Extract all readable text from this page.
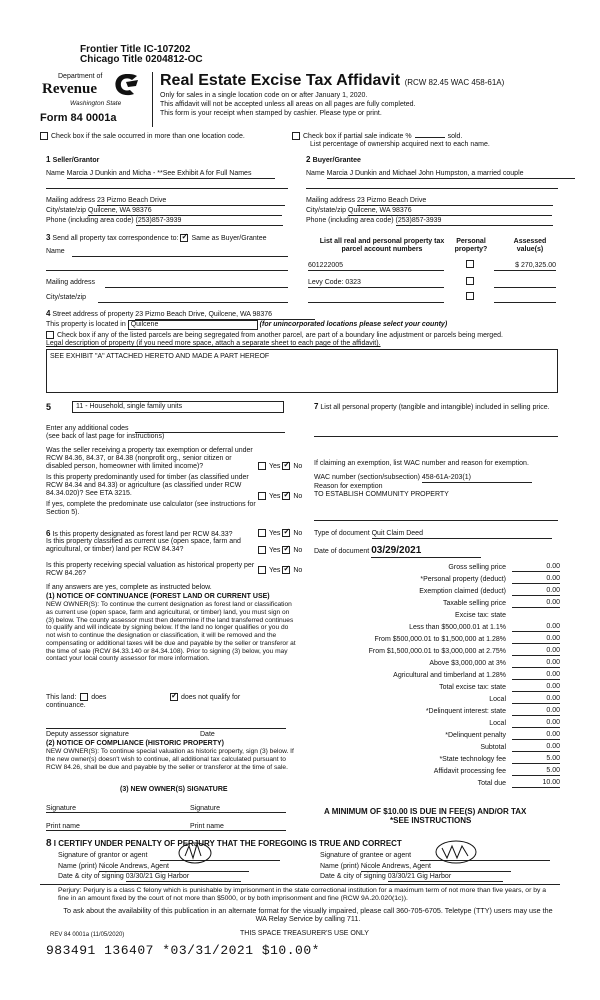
Frontier Title IC-107202
Chicago Title 0204812-OC
Department of
Revenue
Washington State
Form 84 0001a
Real Estate Excise Tax Affidavit (RCW 82.45 WAC 458-61A)
Only for sales in a single location code on or after January 1, 2020.
This affidavit will not be accepted unless all areas on all pages are fully completed.
This form is your receipt when stamped by cashier. Please type or print.
Check box if the sale occurred in more than one location code.	Check box if partial sale indicate %	sold.
List percentage of ownership acquired next to each name.
1 Seller/Grantor
Name Marcia J Dunkin and Micha - **See Exhibit A for Full Names
Mailing address 23 Pizmo Beach Drive
City/state/zip Quilcene, WA 98376
Phone (including area code) (253)857-3939
2 Buyer/Grantee
Name Marcia J Dunkin and Michael John Humpston, a married couple
Mailing address 23 Pizmo Beach Drive
City/state/zip Quilcene, WA 98376
Phone (including area code) (253)857-3939
3 Send all property tax correspondence to: ✓ Same as Buyer/Grantee
Name
Mailing address
City/state/zip
List all real and personal property tax parcel account numbers
Personal property?
Assessed value(s)
601222005	$ 270,325.00
Levy Code: 0323
4 Street address of property 23 Pizmo Beach Drive, Quilcene, WA 98376
This property is located in Quilcene	(for unincorporated locations please select your county)
Check box if any of the listed parcels are being segregated from another parcel, are part of a boundary line adjustment or parcels being merged.
Legal description of property (if you need more space, attach a separate sheet to each page of the affidavit).
SEE EXHIBIT "A" ATTACHED HERETO AND MADE A PART HEREOF
5	11 - Household, single family units
Enter any additional codes
(see back of last page for instructions)
Was the seller receiving a property tax exemption or deferral under RCW 84.36, 84.37, or 84.38 (nonprofit org., senior citizen or disabled person, homeowner with limited income)?	Yes ✓ No
Is this property predominantly used for timber (as classified under RCW 84.34 and 84.33) or agriculture (as classified under RCW 84.34.020)? See ETA 3215.	Yes ✓ No
If yes, complete the predominate use calculator (see instructions for Section 5).
6 Is this property designated as forest land per RCW 84.33?	Yes ✓ No
Is this property classified as current use (open space, farm and agricultural, or timber) land per RCW 84.34?	Yes ✓ No
Is this property receiving special valuation as historical property per RCW 84.26?	Yes ✓ No
If any answers are yes, complete as instructed below.
(1) NOTICE OF CONTINUANCE (FOREST LAND OR CURRENT USE)
NEW OWNER(S): To continue the current designation as forest land or classification as current use (open space, farm and agricultural, or timber) land, you must sign on (3) below. The county assessor must then determine if the land transferred continues to qualify and will indicate by signing below. If the land no longer qualifies or you do not wish to continue the designation or classification, it will be removed and the compensating or additional taxes will be due and payable by the seller or transferor at the time of sale (RCW 84.33.140 or 84.34.108). Prior to signing (3) below, you may contact your local county assessor for more information.
This land: does ✓	does not qualify for
continuance.
Deputy assessor signature	Date
(2) NOTICE OF COMPLIANCE (HISTORIC PROPERTY)
NEW OWNER(S): To continue special valuation as historic property, sign (3) below. If the new owner(s) doesn't wish to continue, all additional tax calculated pursuant to RCW 84.26, shall be due and payable by the seller or transferor at the time of sale.
(3) NEW OWNER(S) SIGNATURE
Signature	Signature
Print name	Print name
7 List all personal property (tangible and intangible) included in selling price.
If claiming an exemption, list WAC number and reason for exemption.
WAC number (section/subsection) 458-61A-203(1)
Reason for exemption
TO ESTABLISH COMMUNITY PROPERTY
Type of document Quit Claim Deed
Date of document 03/29/2021
Gross selling price	0.00
*Personal property (deduct)	0.00
Exemption claimed (deduct)	0.00
Taxable selling price	0.00
Excise tax: state
Less than $500,000.01 at 1.1%	0.00
From $500,000.01 to $1,500,000 at 1.28%	0.00
From $1,500,000.01 to $3,000,000 at 2.75%	0.00
Above $3,000,000 at 3%	0.00
Agricultural and timberland at 1.28%	0.00
Total excise tax: state	0.00
Local	0.00
*Delinquent interest: state	0.00
Local	0.00
*Delinquent penalty	0.00
Subtotal	0.00
*State technology fee	5.00
Affidavit processing fee	5.00
Total due	10.00
A MINIMUM OF $10.00 IS DUE IN FEE(S) AND/OR TAX
*SEE INSTRUCTIONS
8 I CERTIFY UNDER PENALTY OF PERJURY THAT THE FOREGOING IS TRUE AND CORRECT
Signature of grantor or agent
Name (print) Nicole Andrews, Agent
Date & city of signing 03/30/21 Gig Harbor
Signature of grantee or agent
Name (print) Nicole Andrews, Agent
Date & city of signing 03/30/21 Gig Harbor
Perjury: Perjury is a class C felony which is punishable by imprisonment in the state correctional institution for a maximum term of not more than five years, or by a fine in an amount fixed by the court of not more than $5000, or by both imprisonment and fine (RCW 9A.20.020(1c)).
To ask about the availability of this publication in an alternate format for the visually impaired, please call 360-705-6705. Teletype (TTY) users may use the WA Relay Service by calling 711.
REV 84 0001a (11/05/2020)	THIS SPACE TREASURER'S USE ONLY
983491 136407 *03/31/2021 $10.00*
